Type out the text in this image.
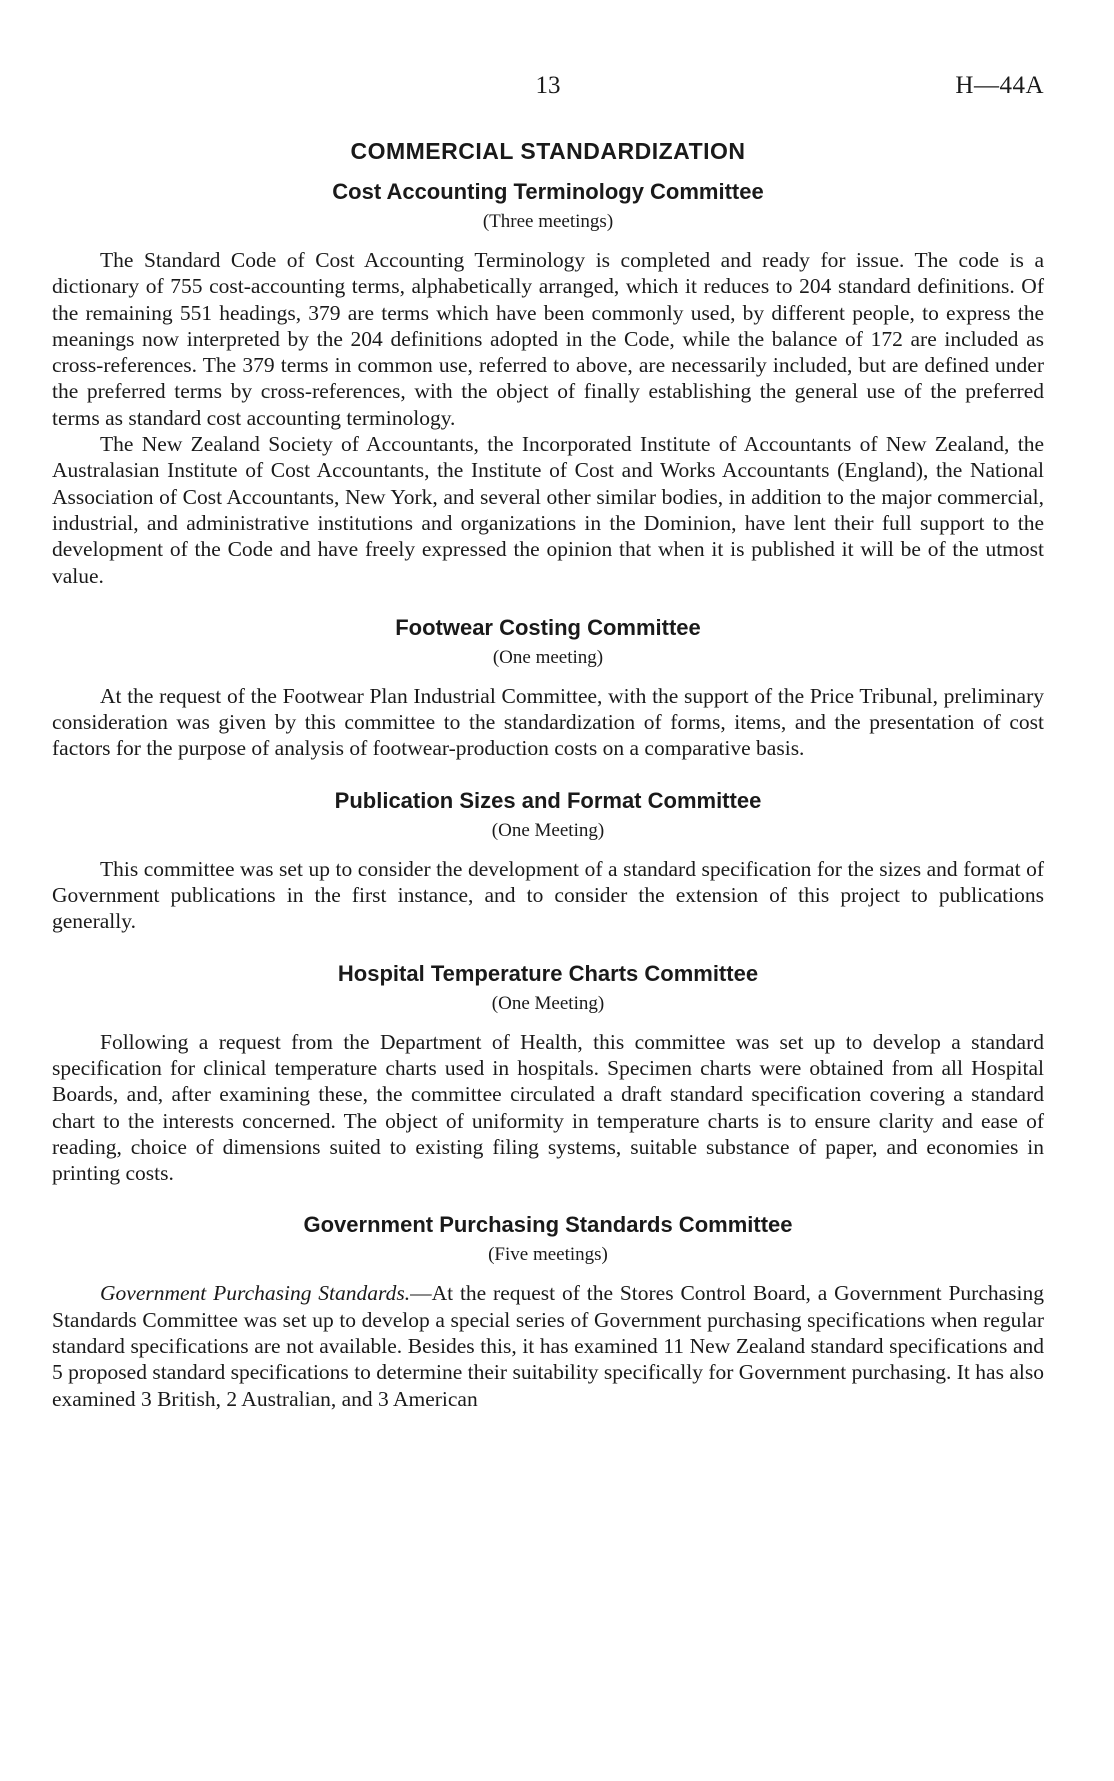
13	H—44A
COMMERCIAL STANDARDIZATION
Cost Accounting Terminology Committee
(Three meetings)

The Standard Code of Cost Accounting Terminology is completed and ready for issue. The code is a dictionary of 755 cost-accounting terms, alphabetically arranged, which it reduces to 204 standard definitions. Of the remaining 551 headings, 379 are terms which have been commonly used, by different people, to express the meanings now interpreted by the 204 definitions adopted in the Code, while the balance of 172 are included as cross-references. The 379 terms in common use, referred to above, are necessarily included, but are defined under the preferred terms by cross-references, with the object of finally establishing the general use of the preferred terms as standard cost accounting terminology.

The New Zealand Society of Accountants, the Incorporated Institute of Accountants of New Zealand, the Australasian Institute of Cost Accountants, the Institute of Cost and Works Accountants (England), the National Association of Cost Accountants, New York, and several other similar bodies, in addition to the major commercial, industrial, and administrative institutions and organizations in the Dominion, have lent their full support to the development of the Code and have freely expressed the opinion that when it is published it will be of the utmost value.

Footwear Costing Committee
(One meeting)

At the request of the Footwear Plan Industrial Committee, with the support of the Price Tribunal, preliminary consideration was given by this committee to the standardization of forms, items, and the presentation of cost factors for the purpose of analysis of footwear-production costs on a comparative basis.

Publication Sizes and Format Committee
(One Meeting)

This committee was set up to consider the development of a standard specification for the sizes and format of Government publications in the first instance, and to consider the extension of this project to publications generally.

Hospital Temperature Charts Committee
(One Meeting)

Following a request from the Department of Health, this committee was set up to develop a standard specification for clinical temperature charts used in hospitals. Specimen charts were obtained from all Hospital Boards, and, after examining these, the committee circulated a draft standard specification covering a standard chart to the interests concerned. The object of uniformity in temperature charts is to ensure clarity and ease of reading, choice of dimensions suited to existing filing systems, suitable substance of paper, and economies in printing costs.

Government Purchasing Standards Committee
(Five meetings)

Government Purchasing Standards.—At the request of the Stores Control Board, a Government Purchasing Standards Committee was set up to develop a special series of Government purchasing specifications when regular standard specifications are not available. Besides this, it has examined 11 New Zealand standard specifications and 5 proposed standard specifications to determine their suitability specifically for Government purchasing. It has also examined 3 British, 2 Australian, and 3 American
